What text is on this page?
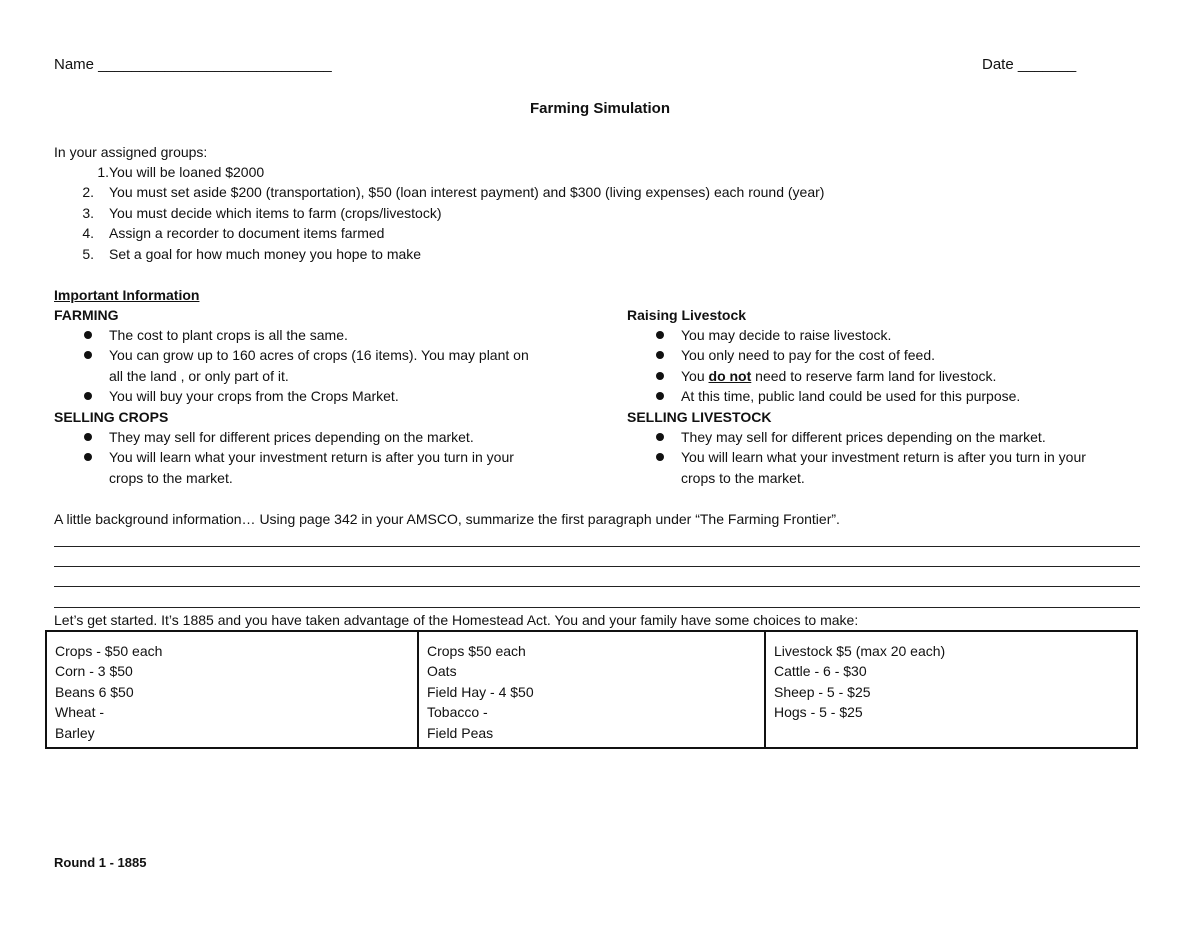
Name ____________________________	Date _______
Farming Simulation
In your assigned groups:
1. You will be loaned $2000
2. You must set aside $200 (transportation), $50 (loan interest payment) and $300 (living expenses) each round (year)
3. You must decide which items to farm (crops/livestock)
4. Assign a recorder to document items farmed
5. Set a goal for how much money you hope to make
Important Information
FARMING
The cost to plant crops is all the same.
You can grow up to 160 acres of crops (16 items). You may plant on
all the land , or only part of it.
You will buy your crops from the Crops Market.
SELLING CROPS
They may sell for different prices depending on the market.
You will learn what your investment return is after you turn in your
crops to the market.
Raising Livestock
You may decide to raise livestock.
You only need to pay for the cost of feed.
You do not need to reserve farm land for livestock.
At this time, public land could be used for this purpose.
SELLING LIVESTOCK
They may sell for different prices depending on the market.
You will learn what your investment return is after you turn in your
crops to the market.
A little background information… Using page 342 in your AMSCO, summarize the first paragraph under “The Farming Frontier”.
Let’s get started. It’s 1885 and you have taken advantage of the Homestead Act. You and your family have some choices to make:
Crops - $50 each
Corn - 3 $50
Beans 6 $50
Wheat -
Barley

Crops $50 each
Oats
Field Hay - 4 $50
Tobacco -
Field Peas

Livestock $5 (max 20 each)
Cattle - 6 - $30
Sheep - 5 - $25
Hogs - 5 - $25
Round 1 - 1885
